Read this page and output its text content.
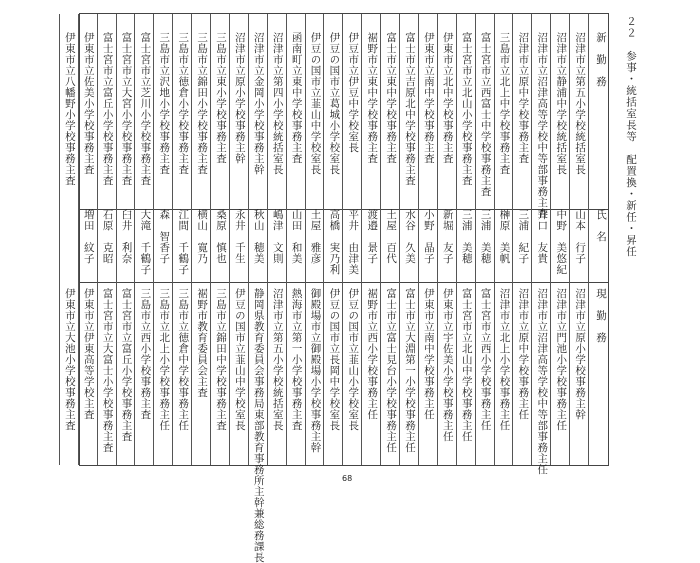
２２　参事・統括室長等　配置換・新任・昇任
新　勤　務
氏　名
現　勤　務
沼津市立第五小学校統括室長
山本　行子
沼津市立原小学校事務主幹
沼津市立静浦中学校統括室長
中野　美悠紀
沼津市立門池小学校事務主任
沼津市立沼津高等学校中等部事務主査
井口　友貴
沼津市立沼津高等学校中等部事務主任
沼津市立原中学校事務主査
三浦　紀子
沼津市立原中学校事務主任
三島市立北上中学校事務主査
榊原　美帆
沼津市立北上小学校事務主任
富士宮市立西富士中学校事務主査
三浦　美穂
富士宮市立西小学校事務主任
富士宮市立北山小学校事務主査
三浦　美穂
富士宮市立北山中学校事務主任
伊東市立北中学校事務主査
新堀　友子
伊東市立宇佐美小学校事務主任
伊東市立南中学校事務主査
小野　晶子
伊東市立南中学校事務主任
富士市立吉原北中学校事務主査
水谷　久美
富士市立大淵第一小学校事務主任
富士市立東中学校事務主査
土屋　百代
富士市立富士見台小学校事務主任
裾野市立東中学校事務主査
渡邉　景子
裾野市立西小学校事務主任
伊豆市立伊豆中学校室長
平井　由津美
伊豆の国市立韮山小学校室長
伊豆の国市立葛城小学校室長
高橋　実乃利
伊豆の国市立長岡中学校室長
伊豆の国市立韮山中学校室長
土屋　雅彦
御殿場市立御殿場小学校事務主幹
函南町立東中学校事務主査
山田　和美
熱海市立第一小学校事務主査
沼津市立第四小学校統括室長
嶋津　文則
沼津市立第五小学校統括室長
沼津市立金岡小学校事務主幹
秋山　穂美
静岡県教育委員会事務局東部教育事務所主幹兼総務課長
沼津市立原小学校事務主幹
永井　千生
伊豆の国市立韮山中学校室長
三島市立東小学校事務主査
桑原　慎也
三島市立錦田中学校事務主査
三島市立錦田小学校事務主査
横山　寛乃
裾野市教育委員会主査
三島市立徳倉小学校事務主査
江間　千鶴子
三島市立徳倉中学校事務主任
三島市立沢地小学校事務主査
森　智香子
三島市立北上小学校事務主任
富士宮市立芝川小学校事務主査
大滝　千鶴子
三島市立西小学校事務主査
富士宮市立大宮小学校事務主査
臼井　利奈
富士宮市立富丘小学校事務主査
富士宮市立富丘小学校事務主査
石原　克昭
富士宮市立大富士小学校事務主査
伊東市立佐美小学校事務主査
増田　紋子
伊東市立伊東高等学校主査
伊東市立八幡野小学校事務主査
伊東市立大池小学校事務主査
68
